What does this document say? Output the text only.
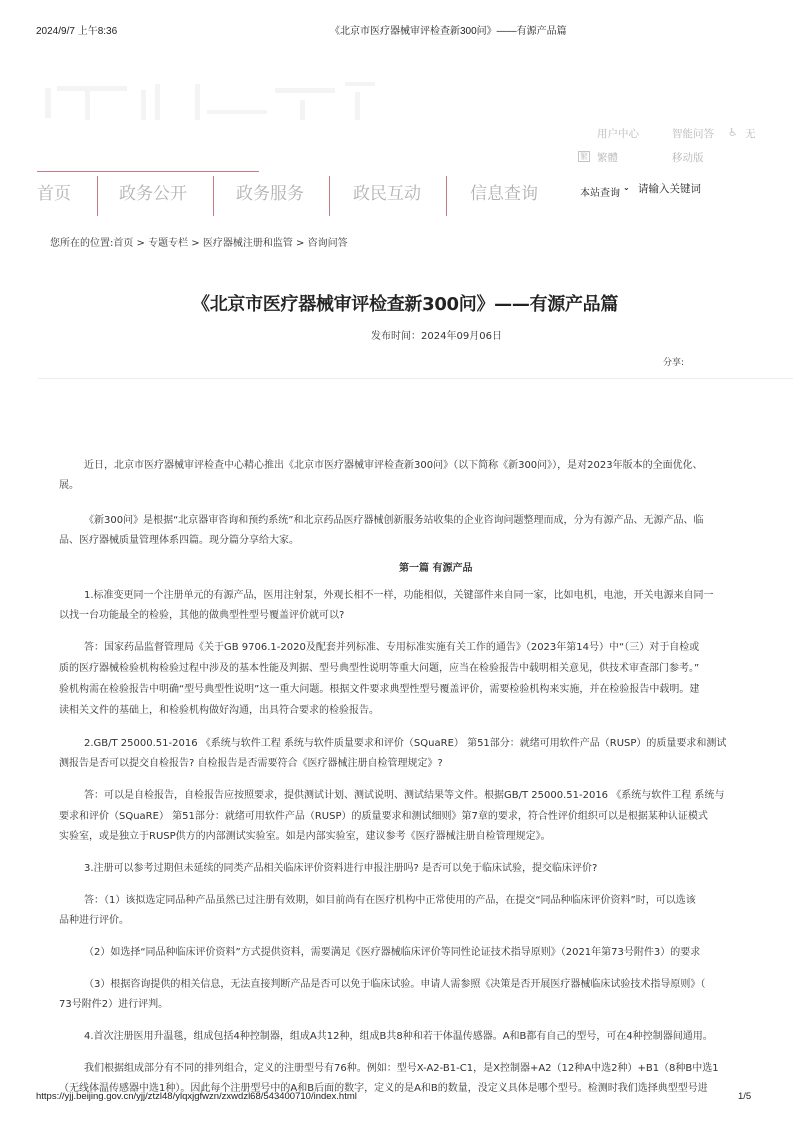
2024/9/7 上午8:36	《北京市医疗器械审评检查新300问》——有源产品篇
用户中心	智能问答 ♿ 无
繁 繁體	移动版
首页	政务公开	政务服务	政民互动	信息查询	本站查询
⌄
请输入关键词
您所在的位置:首页 > 专题专栏 > 医疗器械注册和监管 > 咨询问答
《北京市医疗器械审评检查新300问》——有源产品篇
发布时间：2024年09月06日
分享:

近日，北京市医疗器械审评检查中心精心推出《北京市医疗器械审评检查新300问》（以下简称《新300问》），是对2023年版本的全面优化、

展。

《新300问》是根据“北京器审咨询和预约系统”和北京药品医疗器械创新服务站收集的企业咨询问题整理而成，分为有源产品、无源产品、临

品、医疗器械质量管理体系四篇。现分篇分享给大家。

第一篇 有源产品

1.标准变更同一个注册单元的有源产品，医用注射泵，外观长相不一样，功能相似，关键部件来自同一家，比如电机，电池，开关电源来自同一

以找一台功能最全的检验，其他的做典型性型号覆盖评价就可以?

答：国家药品监督管理局《关于GB 9706.1-2020及配套并列标准、专用标准实施有关工作的通告》（2023年第14号）中“（三）对于自检或

质的医疗器械检验机构检验过程中涉及的基本性能及判据、型号典型性说明等重大问题，应当在检验报告中载明相关意见，供技术审查部门参考。”

验机构需在检验报告中明确“型号典型性说明”这一重大问题。根据文件要求典型性型号覆盖评价，需要检验机构来实施，并在检验报告中载明。建

读相关文件的基础上，和检验机构做好沟通，出具符合要求的检验报告。

2.GB/T 25000.51-2016 《系统与软件工程 系统与软件质量要求和评价（SQuaRE） 第51部分：就绪可用软件产品（RUSP）的质量要求和测试

测报告是否可以提交自检报告? 自检报告是否需要符合《医疗器械注册自检管理规定》?

答：可以是自检报告，自检报告应按照要求，提供测试计划、测试说明、测试结果等文件。根据GB/T 25000.51-2016 《系统与软件工程 系统与

要求和评价（SQuaRE） 第51部分：就绪可用软件产品（RUSP）的质量要求和测试细则》第7章的要求，符合性评价组织可以是根据某种认证模式

实验室，或是独立于RUSP供方的内部测试实验室。如是内部实验室，建议参考《医疗器械注册自检管理规定》。

3.注册可以参考过期但未延续的同类产品相关临床评价资料进行申报注册吗? 是否可以免于临床试验，提交临床评价?

答：（1）该拟选定同品种产品虽然已过注册有效期，如目前尚有在医疗机构中正常使用的产品，在提交“同品种临床评价资料”时，可以选该

品种进行评价。

（2）如选择“同品种临床评价资料”方式提供资料，需要满足《医疗器械临床评价等同性论证技术指导原则》（2021年第73号附件3）的要求

（3）根据咨询提供的相关信息，无法直接判断产品是否可以免于临床试验。申请人需参照《决策是否开展医疗器械临床试验技术指导原则》（

73号附件2）进行评判。

4.首次注册医用升温毯，组成包括4种控制器，组成A共12种，组成B共8种和若干体温传感器。A和B都有自己的型号，可在4种控制器间通用。

我们根据组成部分有不同的排列组合，定义的注册型号有76种。例如：型号X-A2-B1-C1，是X控制器+A2（12种A中选2种）+B1（8种B中选1

（无线体温传感器中选1种）。因此每个注册型号中的A和B后面的数字，定义的是A和B的数量，没定义具体是哪个型号。检测时我们选择典型型号进

https://yjj.beijing.gov.cn/yjj/ztzl48/ylqxjgfwzn/zxwdzl68/543400710/index.html	1/5
